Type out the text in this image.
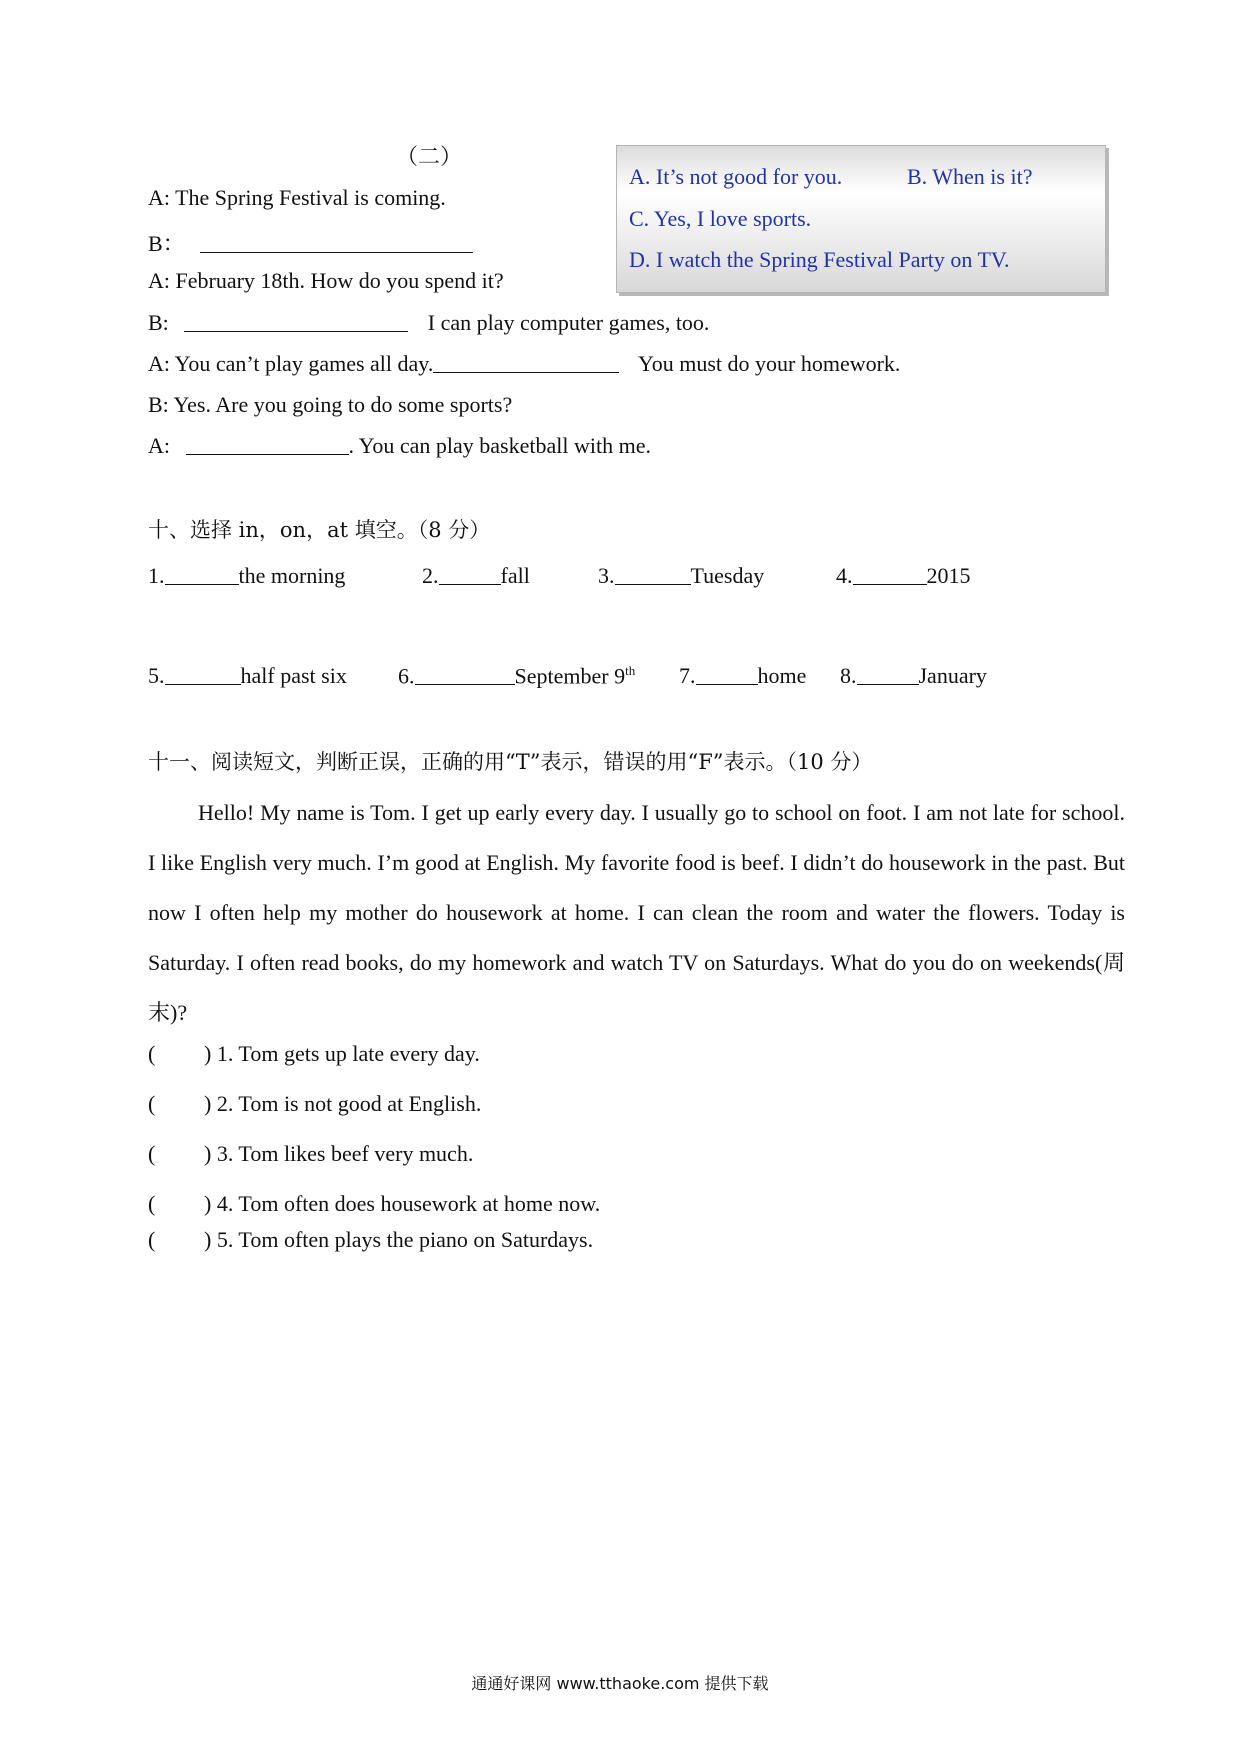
（二）
A: The Spring Festival is coming.
B：
A: February 18th. How do you spend it?
B:	I can play computer games, too.
A: You can’t play games all day.	You must do your homework.
B: Yes. Are you going to do some sports?
A:	. You can play basketball with me.
A. It’s not good for you.	B. When is it?
C. Yes, I love sports.
D. I watch the Spring Festival Party on TV.
十、选择 in，on，at 填空。（8 分）
1.	the morning	2.	fall	3.	Tuesday	4.	2015
5.	half past six 6.	September 9th 7.	home 8.	January
十一、阅读短文，判断正误，正确的用“T”表示，错误的用“F”表示。（10 分）
Hello! My name is Tom. I get up early every day. I usually go to school on foot. I am not late for school. I like English very much. I’m good at English. My favorite food is beef. I didn’t do housework in the past. But now I often help my mother do housework at home. I can clean the room and water the flowers. Today is Saturday. I often read books, do my homework and watch TV on Saturdays. What do you do on weekends(周末)?
( ) 1. Tom gets up late every day.
( ) 2. Tom is not good at English.
( ) 3. Tom likes beef very much.
( ) 4. Tom often does housework at home now.
( ) 5. Tom often plays the piano on Saturdays.
通通好课网 www.tthaoke.com 提供下载
